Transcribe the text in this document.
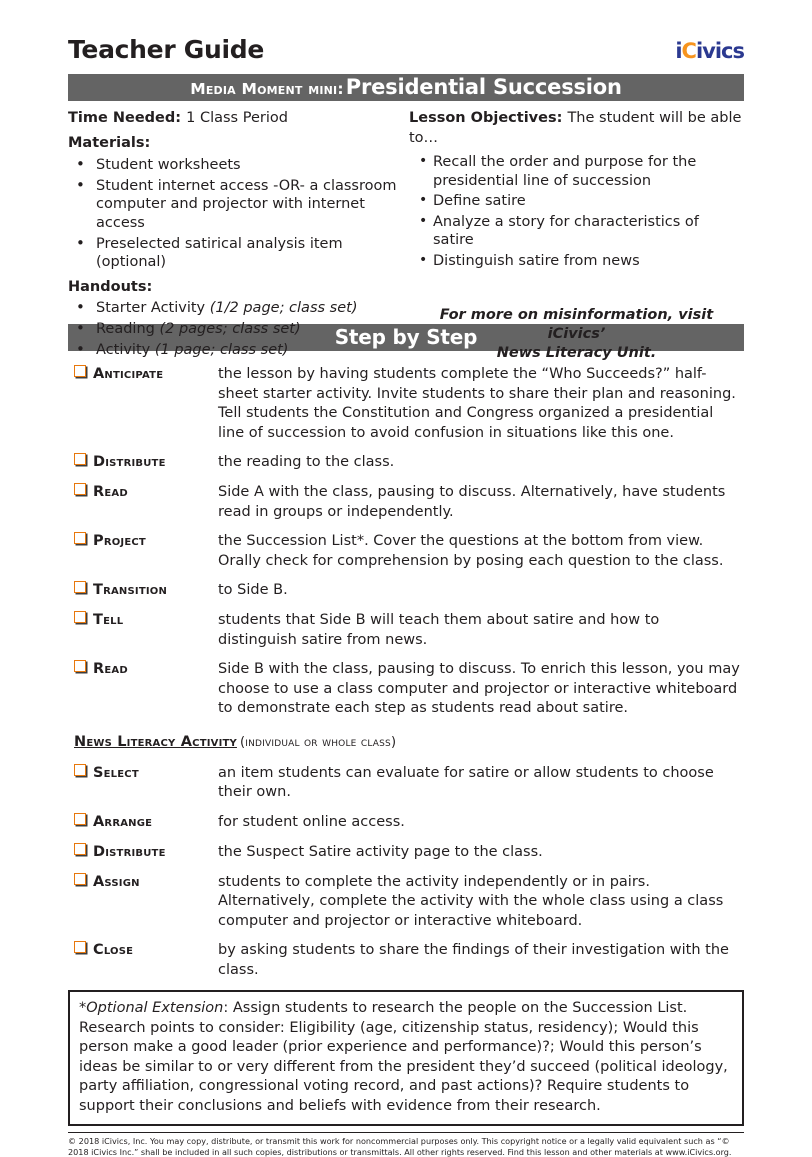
Teacher Guide	iCivics
Media Moment mini:Presidential Succession
Time Needed: 1 Class Period
Materials:
• Student worksheets
• Student internet access -OR- a classroom computer and projector with internet access
• Preselected satirical analysis item (optional)
Handouts:
• Starter Activity (1/2 page; class set)
• Reading (2 pages; class set)
• Activity (1 page; class set)
Lesson Objectives: The student will be able to…
• Recall the order and purpose for the presidential line of succession
• Define satire
• Analyze a story for characteristics of satire
• Distinguish satire from news
For more on misinformation, visit iCivics’
News Literacy Unit.
Step by Step
Anticipate	the lesson by having students complete the “Who Succeeds?” half-sheet starter activity. Invite students to share their plan and reasoning. Tell students the Constitution and Congress organized a presidential line of succession to avoid confusion in situations like this one.
Distribute	the reading to the class.
Read	Side A with the class, pausing to discuss. Alternatively, have students read in groups or independently.
Project	the Succession List*. Cover the questions at the bottom from view. Orally check for comprehension by posing each question to the class.
Transition	to Side B.
Tell	students that Side B will teach them about satire and how to distinguish satire from news.
Read	Side B with the class, pausing to discuss. To enrich this lesson, you may choose to use a class computer and projector or interactive whiteboard to demonstrate each step as students read about satire.
News Literacy Activity (individual or whole class)
Select	an item students can evaluate for satire or allow students to choose their own.
Arrange	for student online access.
Distribute	the Suspect Satire activity page to the class.
Assign	students to complete the activity independently or in pairs. Alternatively, complete the activity with the whole class using a class computer and projector or interactive whiteboard.
Close	by asking students to share the findings of their investigation with the class.
*Optional Extension: Assign students to research the people on the Succession List. Research points to consider: Eligibility (age, citizenship status, residency); Would this person make a good leader (prior experience and performance)?; Would this person’s ideas be similar to or very different from the president they’d succeed (political ideology, party affiliation, congressional voting record, and past actions)? Require students to support their conclusions and beliefs with evidence from their research.
© 2018 iCivics, Inc. You may copy, distribute, or transmit this work for noncommercial purposes only. This copyright notice or a legally valid equivalent such as “© 2018 iCivics Inc.” shall be included in all such copies, distributions or transmittals. All other rights reserved. Find this lesson and other materials at www.iCivics.org.
